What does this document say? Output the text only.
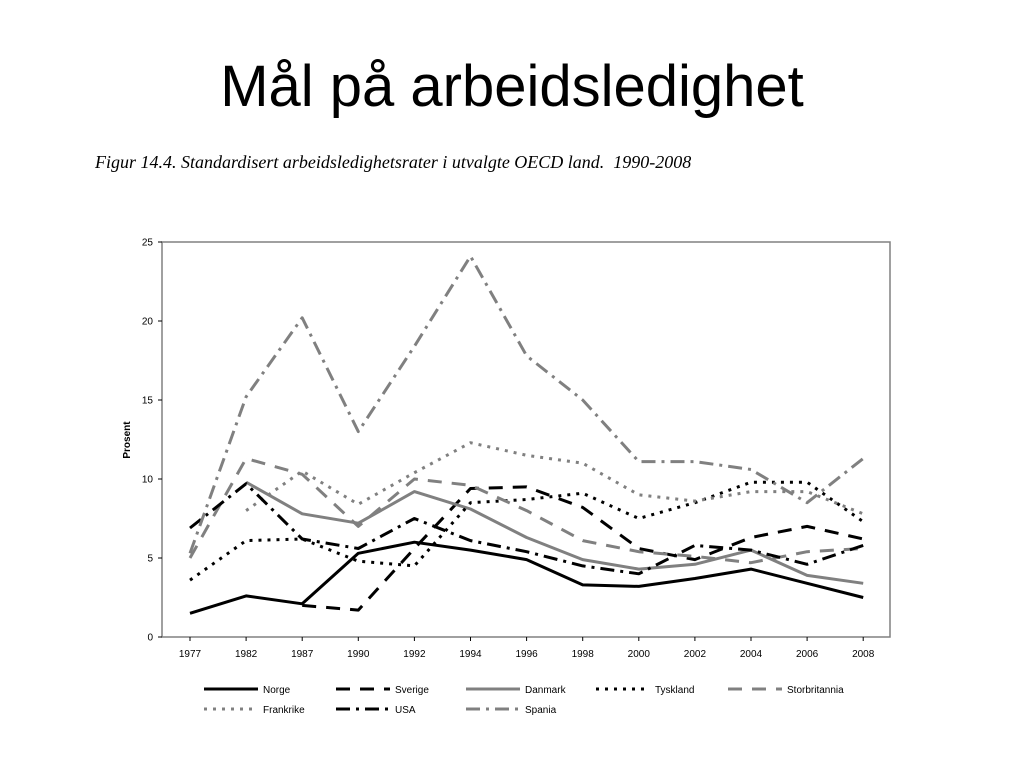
Mål på arbeidsledighet
Figur 14.4. Standardisert arbeidsledighetsrater i utvalgte OECD land.  1990-2008
0
5
10
15
20
25
1977	1982	1987	1990	1992	1994	1996	1998	2000	2002	2004	2006	2008
Prosent
Norge	Sverige	Danmark	Tyskland	Storbritannia
Frankrike	USA	Spania
